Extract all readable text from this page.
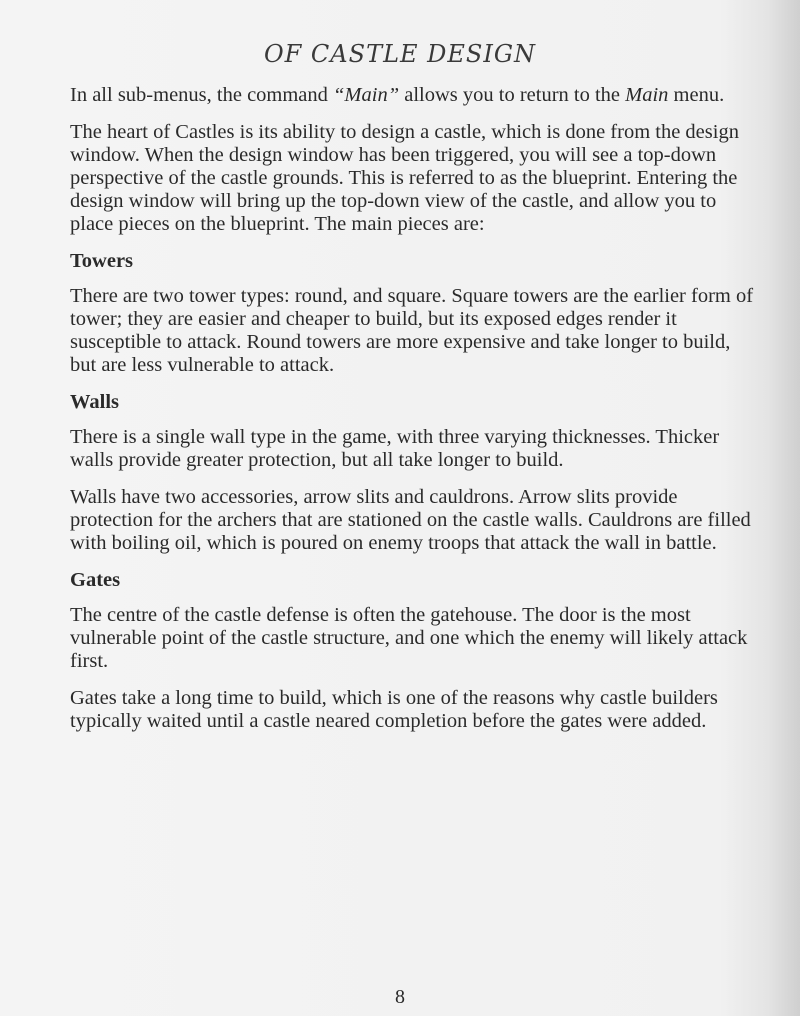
OF CASTLE DESIGN

In all sub-menus, the command “Main” allows you to return to the Main menu.

The heart of Castles is its ability to design a castle, which is done from the design window. When the design window has been triggered, you will see a top-down perspective of the castle grounds. This is referred to as the blueprint. Entering the design window will bring up the top-down view of the castle, and allow you to place pieces on the blueprint. The main pieces are:

Towers

There are two tower types: round, and square. Square towers are the earlier form of tower; they are easier and cheaper to build, but its exposed edges render it susceptible to attack. Round towers are more expensive and take longer to build, but are less vulnerable to attack.

Walls

There is a single wall type in the game, with three varying thicknesses. Thicker walls provide greater protection, but all take longer to build.

Walls have two accessories, arrow slits and cauldrons. Arrow slits provide protection for the archers that are stationed on the castle walls. Cauldrons are filled with boiling oil, which is poured on enemy troops that attack the wall in battle.

Gates

The centre of the castle defense is often the gatehouse. The door is the most vulnerable point of the castle structure, and one which the enemy will likely attack first.

Gates take a long time to build, which is one of the reasons why castle builders typically waited until a castle neared completion before the gates were added.

8
